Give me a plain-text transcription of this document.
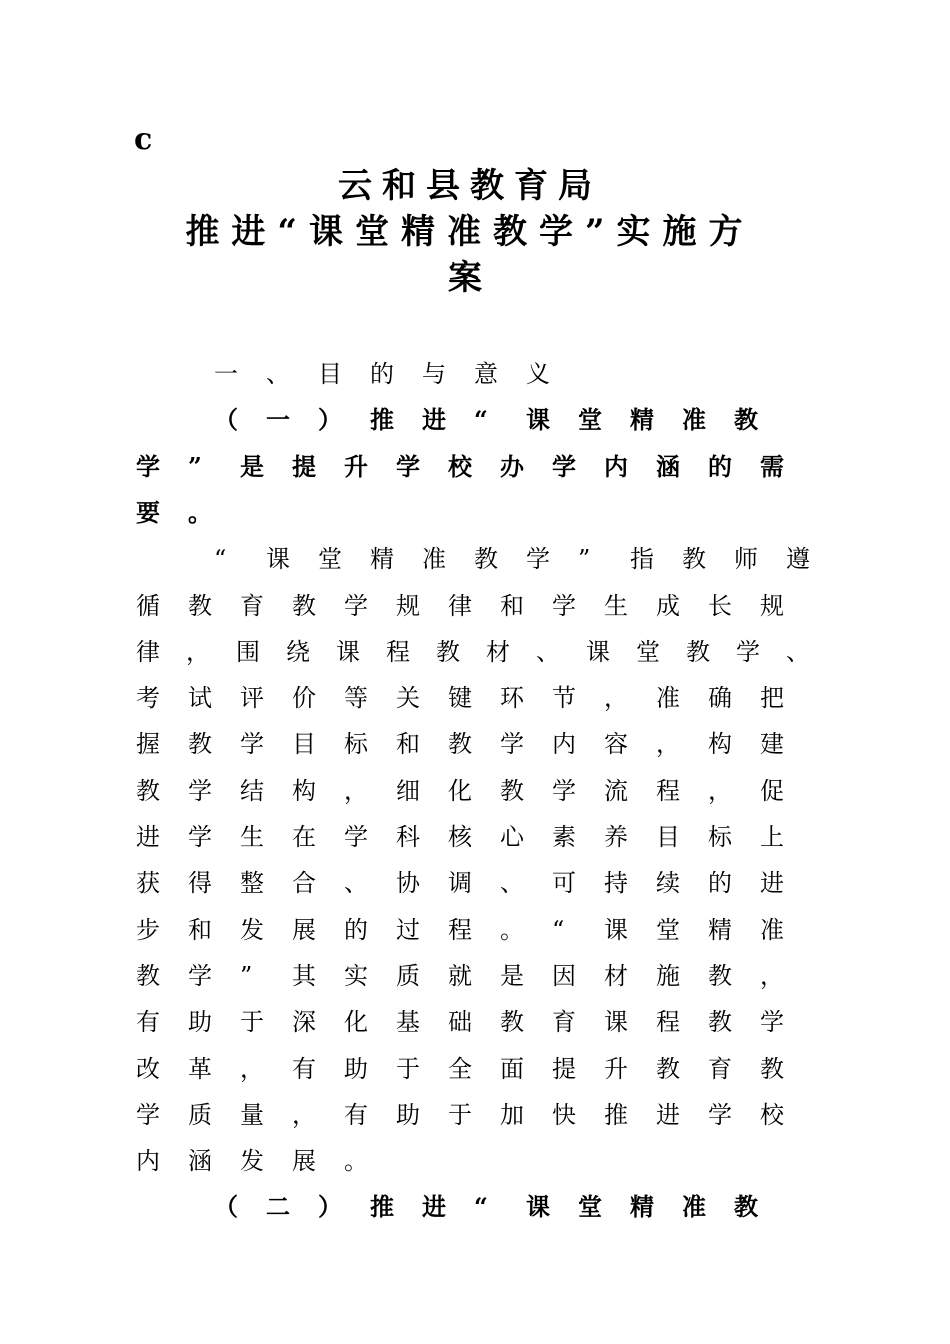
c
云和县教育局
推进“课堂精准教学”实施方
案
一	、	目	的	与	意	义
（	一	）	推	进	“	课	堂	精	准	教
学	”	是	提	升	学	校	办	学	内	涵	的	需
要	。
“	课	堂	精	准	教	学	”	指	教	师	遵
循	教	育	教	学	规	律	和	学	生	成	长	规
律	，	围	绕	课	程	教	材	、	课	堂	教	学	、
考	试	评	价	等	关	键	环	节	，	准	确	把
握	教	学	目	标	和	教	学	内	容	，	构	建
教	学	结	构	，	细	化	教	学	流	程	，	促
进	学	生	在	学	科	核	心	素	养	目	标	上
获	得	整	合	、	协	调	、	可	持	续	的	进
步	和	发	展	的	过	程	。	“	课	堂	精	准
教	学	”	其	实	质	就	是	因	材	施	教	，
有	助	于	深	化	基	础	教	育	课	程	教	学
改	革	，	有	助	于	全	面	提	升	教	育	教
学	质	量	，	有	助	于	加	快	推	进	学	校
内	涵	发	展	。
（	二	）	推	进	“	课	堂	精	准	教
